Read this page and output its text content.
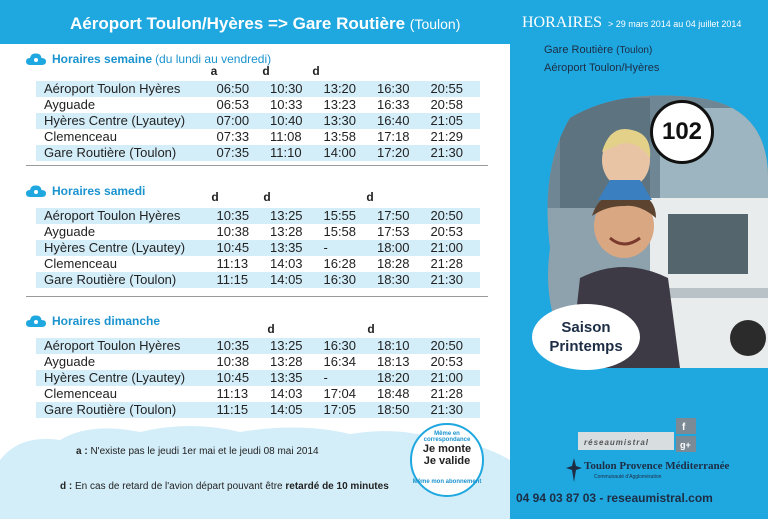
Aéroport Toulon/Hyères => Gare Routière (Toulon)
Horaires semaine (du lundi au vendredi)
a	d	d
Aéroport Toulon Hyères	06:50	10:30	13:20	16:30	20:55
Ayguade	06:53	10:33	13:23	16:33	20:58
Hyères Centre (Lyautey)	07:00	10:40	13:30	16:40	21:05
Clemenceau	07:33	11:08	13:58	17:18	21:29
Gare Routière (Toulon)	07:35	11:10	14:00	17:20	21:30
Horaires samedi	d	d	d
Aéroport Toulon Hyères	10:35	13:25	15:55	17:50	20:50
Ayguade	10:38	13:28	15:58	17:53	20:53
Hyères Centre (Lyautey)	10:45	13:35	-	18:00	21:00
Clemenceau	11:13	14:03	16:28	18:28	21:28
Gare Routière (Toulon)	11:15	14:05	16:30	18:30	21:30
Horaires dimanche
d	d
Aéroport Toulon Hyères	10:35	13:25	16:30	18:10	20:50
Ayguade	10:38	13:28	16:34	18:13	20:53
Hyères Centre (Lyautey)	10:45	13:35	-	18:20	21:00
Clemenceau	11:13	14:03	17:04	18:48	21:28
Gare Routière (Toulon)	11:15	14:05	17:05	18:50	21:30
a : N'existe pas le jeudi 1er mai et le jeudi 08 mai 2014
d : En cas de retard de l'avion départ pouvant être retardé de 10 minutes
Même en correspondance
Je monte
Je valide
Même mon abonnement
HORAIRES > 29 mars 2014 au 04 juillet 2014
Gare Routière (Toulon)
Aéroport Toulon/Hyères
102
Saison
Printemps
f
g+
réseaumistral
Toulon Provence Méditerranée
Communauté d'Agglomération
04 94 03 87 03 - reseaumistral.com
